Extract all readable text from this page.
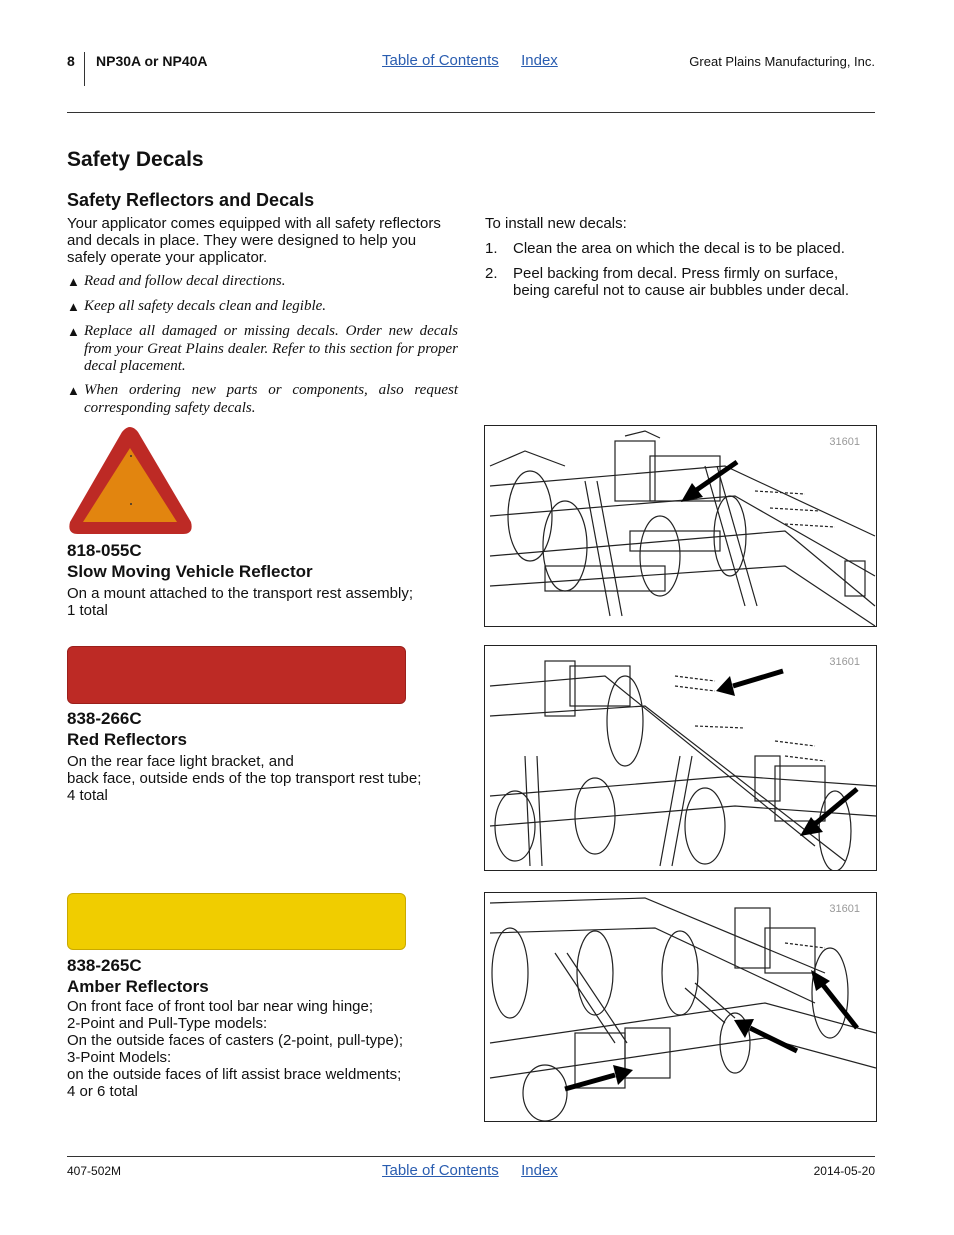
8 NP30A or NP40A	Table of Contents Index	Great Plains Manufacturing, Inc.
Safety Decals
Safety Reflectors and Decals
Your applicator comes equipped with all safety reflectors and decals in place. They were designed to help you safely operate your applicator.
▲ Read and follow decal directions.
▲ Keep all safety decals clean and legible.
▲ Replace all damaged or missing decals. Order new decals from your Great Plains dealer. Refer to this section for proper decal placement.
▲ When ordering new parts or components, also request corresponding safety decals.
To install new decals:
1. Clean the area on which the decal is to be placed.
2. Peel backing from decal. Press firmly on surface, being careful not to cause air bubbles under decal.
818-055C
Slow Moving Vehicle Reflector
On a mount attached to the transport rest assembly;
1 total
838-266C
Red Reflectors
On the rear face light bracket, and
back face, outside ends of the top transport rest tube;
4 total
838-265C
Amber Reflectors
On front face of front tool bar near wing hinge;
2-Point and Pull-Type models:
On the outside faces of casters (2-point, pull-type);
3-Point Models:
on the outside faces of lift assist brace weldments;
4 or 6 total
31601
31601
31601
407-502M	Table of Contents Index	2014-05-20
